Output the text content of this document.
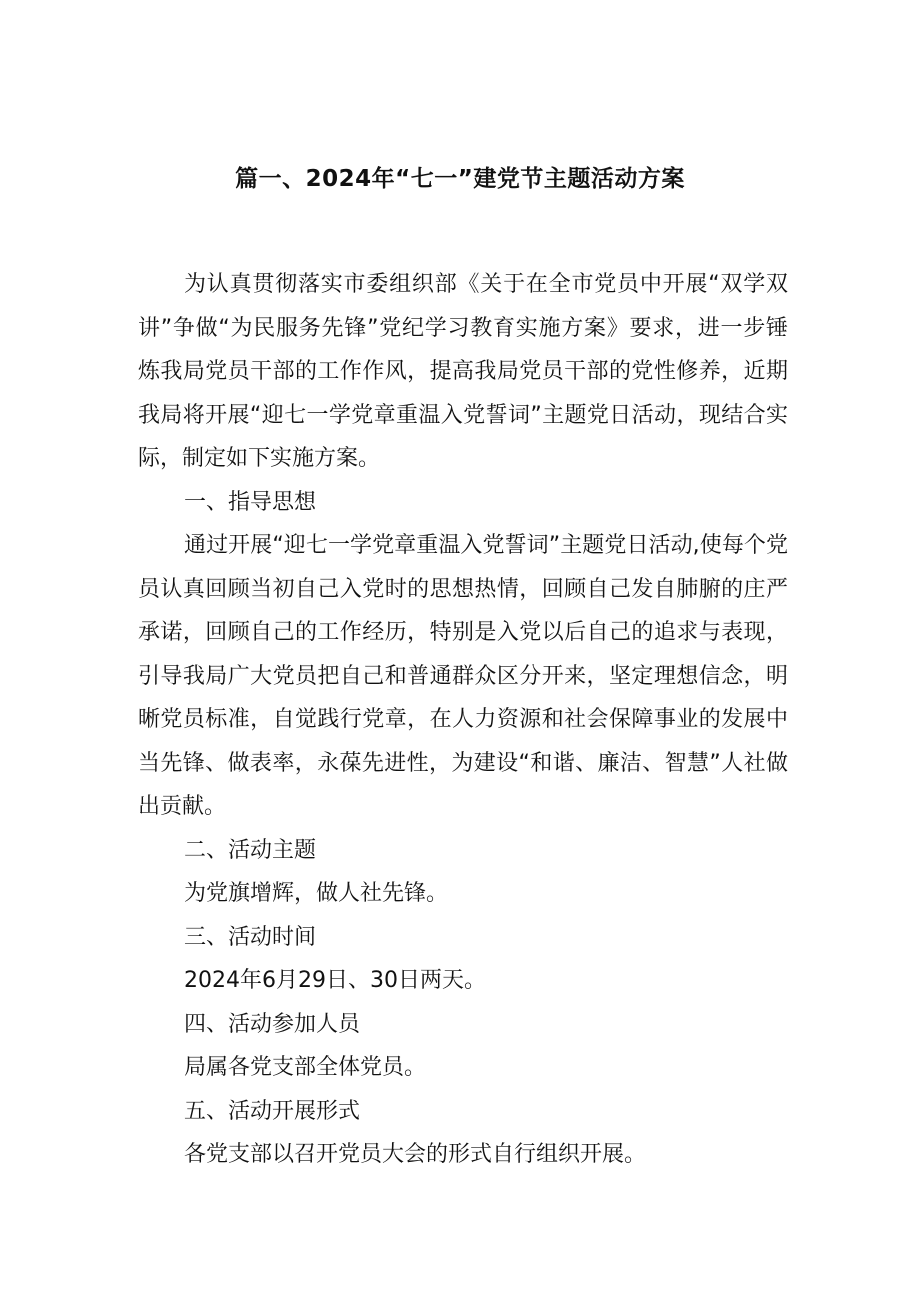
篇一、2024年“七一”建党节主题活动方案

为认真贯彻落实市委组织部《关于在全市党员中开展“双学双讲”争做“为民服务先锋”党纪学习教育实施方案》要求，进一步锤炼我局党员干部的工作作风，提高我局党员干部的党性修养，近期我局将开展“迎七一学党章重温入党誓词”主题党日活动，现结合实际，制定如下实施方案。

一、指导思想

通过开展“迎七一学党章重温入党誓词”主题党日活动,使每个党员认真回顾当初自己入党时的思想热情，回顾自己发自肺腑的庄严承诺，回顾自己的工作经历，特别是入党以后自己的追求与表现，引导我局广大党员把自己和普通群众区分开来，坚定理想信念，明晰党员标准，自觉践行党章，在人力资源和社会保障事业的发展中当先锋、做表率，永葆先进性，为建设“和谐、廉洁、智慧”人社做出贡献。

二、活动主题

为党旗增辉，做人社先锋。

三、活动时间

2024年6月29日、30日两天。

四、活动参加人员

局属各党支部全体党员。

五、活动开展形式

各党支部以召开党员大会的形式自行组织开展。
